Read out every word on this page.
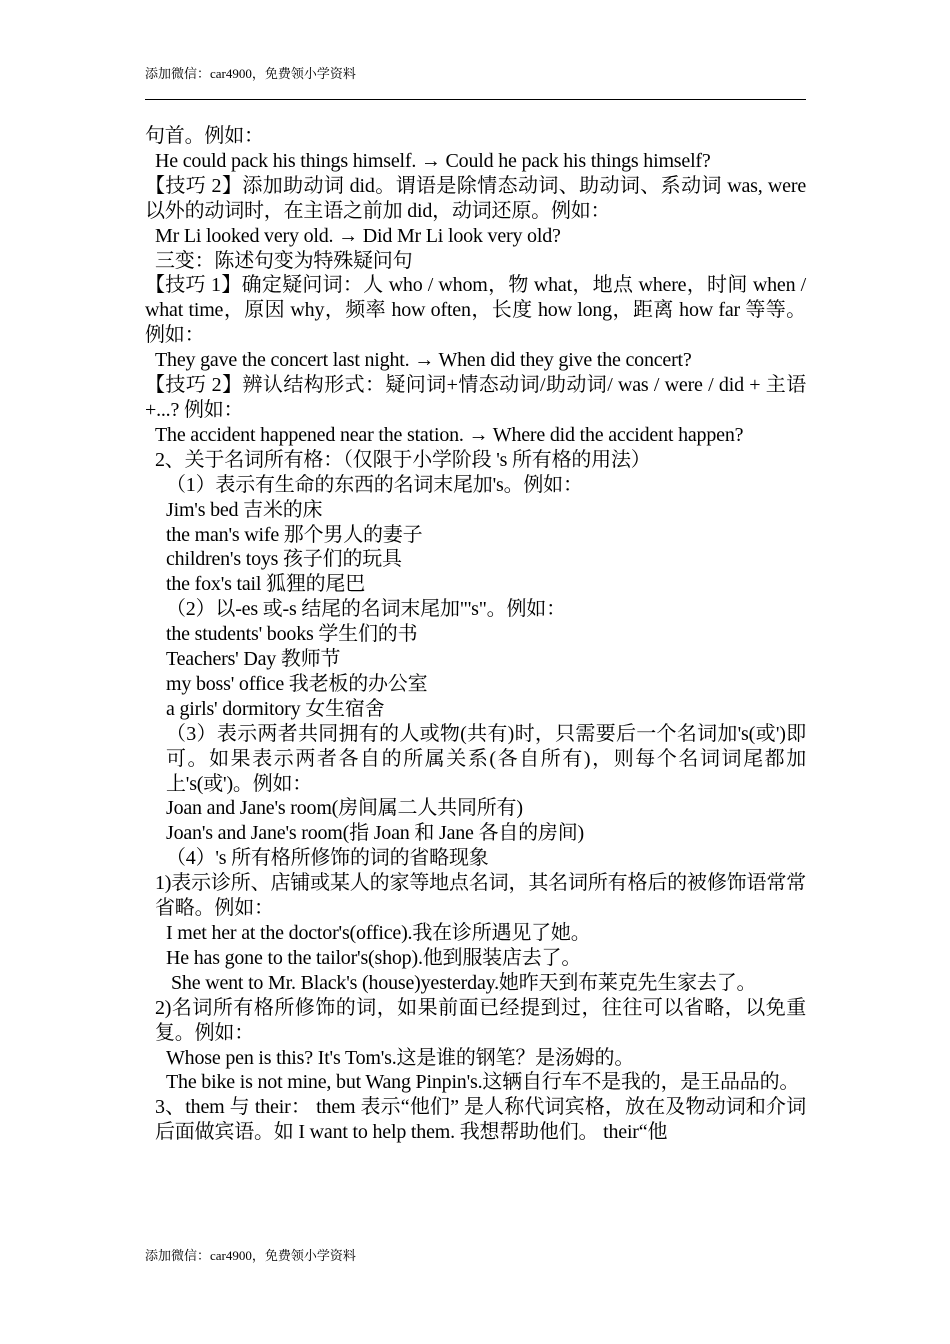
添加微信：car4900，免费领小学资料

句首。例如：

He could pack his things himself. → Could he pack his things himself?

【技巧 2】添加助动词 did。谓语是除情态动词、助动词、系动词 was, were 以外的动词时，在主语之前加 did，动词还原。例如：

Mr Li looked very old. → Did Mr Li look very old?

三变：陈述句变为特殊疑问句

【技巧 1】确定疑问词：人 who / whom，物 what，地点 where，时间 when / what time，原因 why，频率 how often，长度 how long，距离 how far 等等。例如：

They gave the concert last night. → When did they give the concert?

【技巧 2】辨认结构形式：疑问词+情态动词/助动词/ was / were / did + 主语+...? 例如：

The accident happened near the station. → Where did the accident happen?

2、关于名词所有格：（仅限于小学阶段 's 所有格的用法）

（1）表示有生命的东西的名词末尾加's。例如：

Jim's bed 吉米的床

the man's wife 那个男人的妻子

children's toys 孩子们的玩具

the fox's tail 狐狸的尾巴

（2）以-es 或-s 结尾的名词末尾加"'s"。例如：

the students' books 学生们的书

Teachers' Day 教师节

my boss' office 我老板的办公室

a girls' dormitory 女生宿舍

（3）表示两者共同拥有的人或物(共有)时，只需要后一个名词加's(或')即可。如果表示两者各自的所属关系(各自所有)，则每个名词词尾都加上's(或')。例如：

Joan and Jane's room(房间属二人共同所有)

Joan's and Jane's room(指 Joan 和 Jane 各自的房间)

（4）'s 所有格所修饰的词的省略现象

1)表示诊所、店铺或某人的家等地点名词，其名词所有格后的被修饰语常常省略。例如：

I met her at the doctor's(office).我在诊所遇见了她。

He has gone to the tailor's(shop).他到服装店去了。

She went to Mr. Black's (house)yesterday.她昨天到布莱克先生家去了。

2)名词所有格所修饰的词，如果前面已经提到过，往往可以省略，以免重复。例如：

Whose pen is this? It's Tom's.这是谁的钢笔？是汤姆的。

The bike is not mine, but Wang Pinpin's.这辆自行车不是我的，是王品品的。

3、them 与 their： them 表示“他们” 是人称代词宾格，放在及物动词和介词后面做宾语。如 I want to help them. 我想帮助他们。 their“他

添加微信：car4900，免费领小学资料
